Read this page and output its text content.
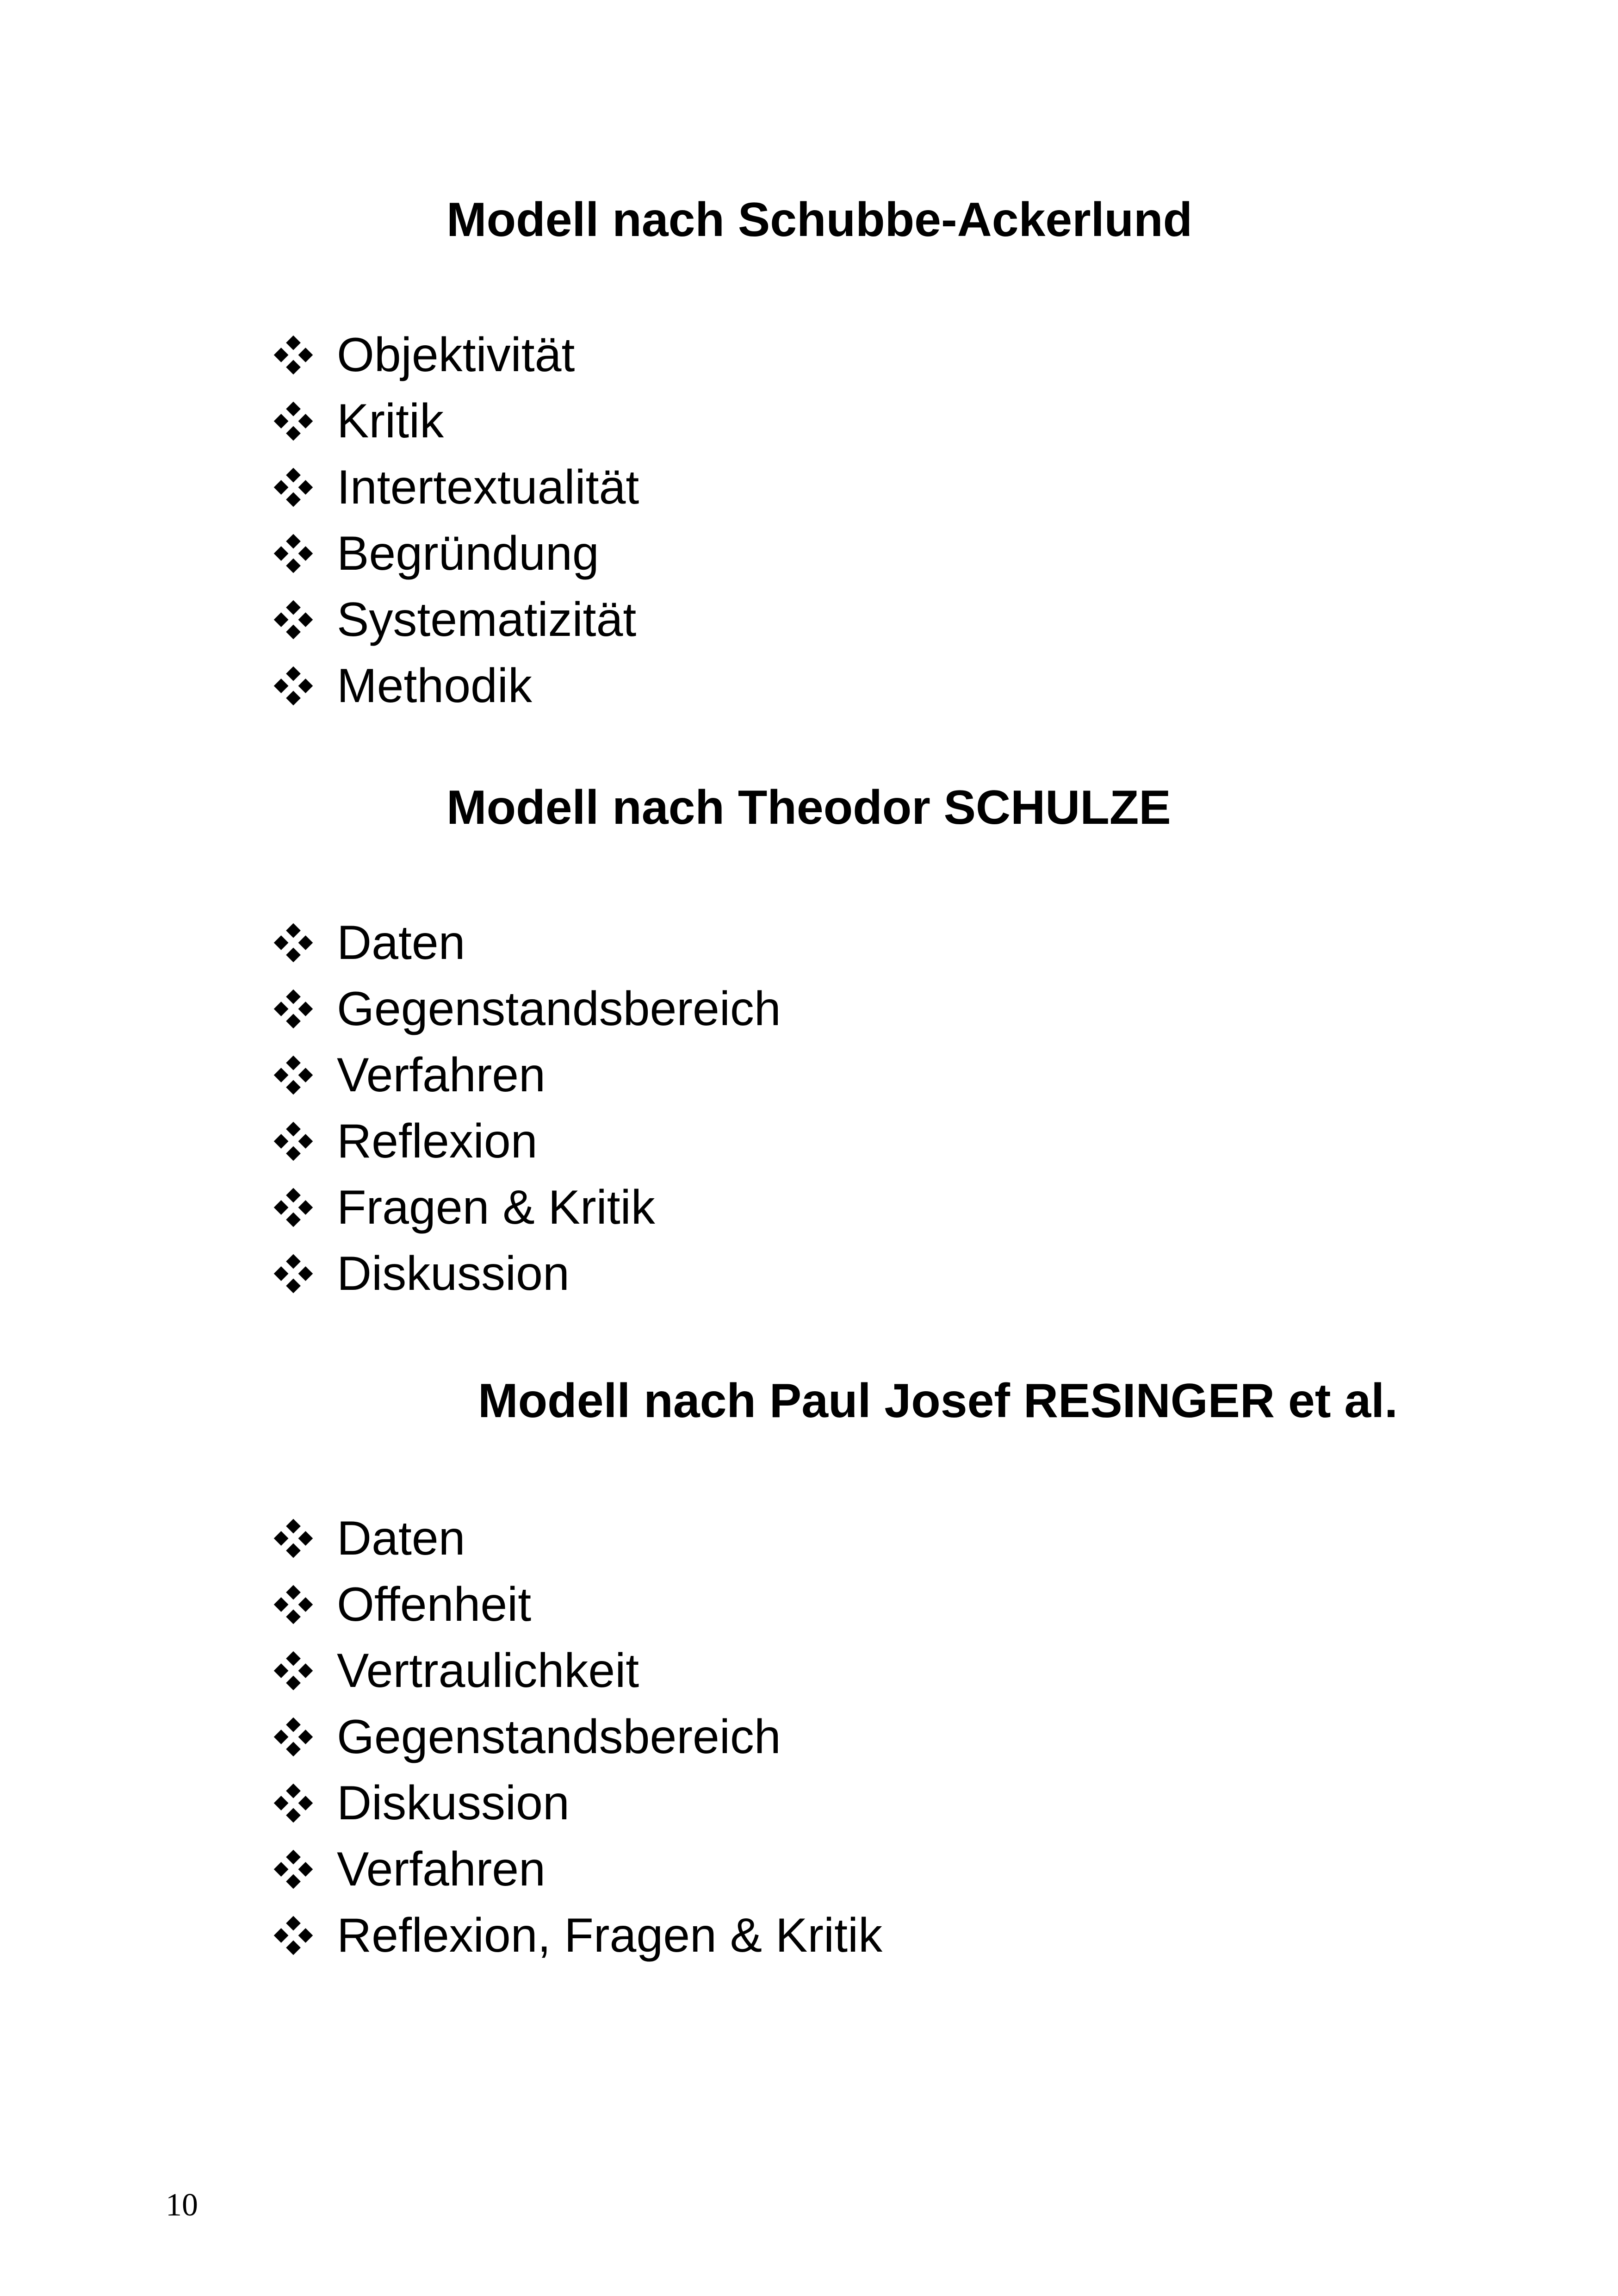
Modell nach Schubbe-Ackerlund
Objektivität
Kritik
Intertextualität
Begründung
Systematizität
Methodik
Modell nach Theodor SCHULZE
Daten
Gegenstandsbereich
Verfahren
Reflexion
Fragen & Kritik
Diskussion
Modell nach Paul Josef RESINGER et al.
Daten
Offenheit
Vertraulichkeit
Gegenstandsbereich
Diskussion
Verfahren
Reflexion, Fragen & Kritik
10
